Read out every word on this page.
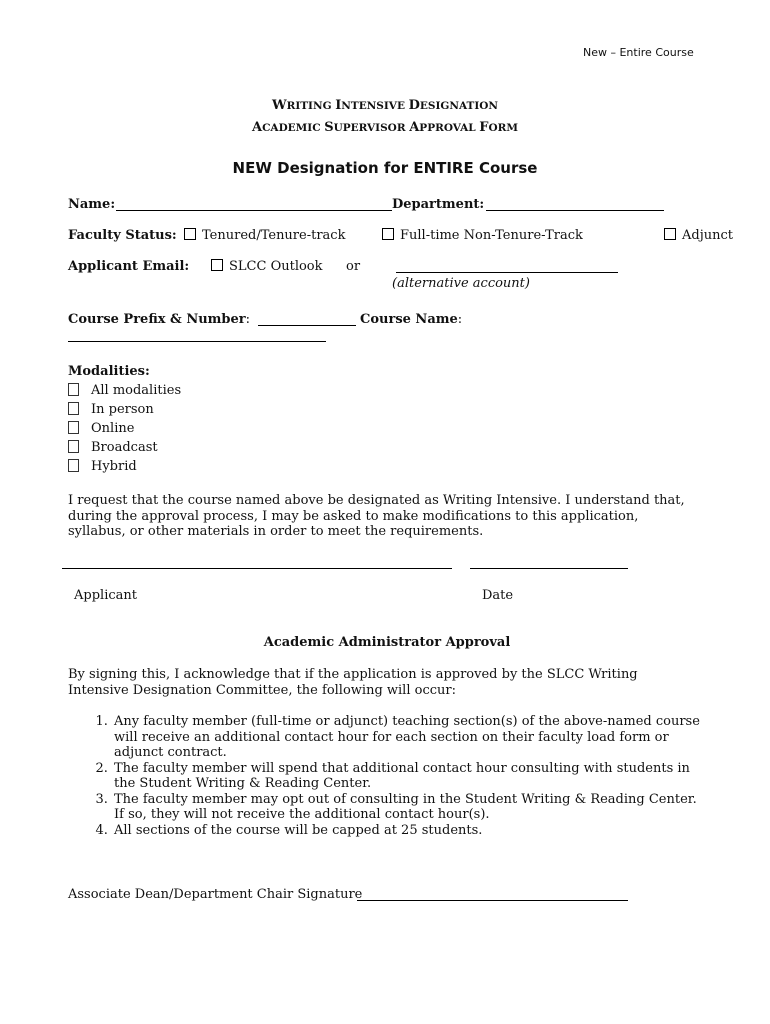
New – Entire Course
WRITING INTENSIVE DESIGNATION
ACADEMIC SUPERVISOR APPROVAL FORM
NEW Designation for ENTIRE Course
Name:	Department:
Faculty Status:	Tenured/Tenure-track	Full-time Non-Tenure-Track	Adjunct
Applicant Email:	SLCC Outlook or
(alternative account)
Course Prefix & Number:	Course Name:
Modalities:
All modalities
In person
Online
Broadcast
Hybrid
I request that the course named above be designated as Writing Intensive. I understand that, during the approval process, I may be asked to make modifications to this application, syllabus, or other materials in order to meet the requirements.
Applicant	Date
Academic Administrator Approval
By signing this, I acknowledge that if the application is approved by the SLCC Writing Intensive Designation Committee, the following will occur:
1. Any faculty member (full-time or adjunct) teaching section(s) of the above-named course will receive an additional contact hour for each section on their faculty load form or adjunct contract.
2. The faculty member will spend that additional contact hour consulting with students in the Student Writing & Reading Center.
3. The faculty member may opt out of consulting in the Student Writing & Reading Center. If so, they will not receive the additional contact hour(s).
4. All sections of the course will be capped at 25 students.
Associate Dean/Department Chair Signature
